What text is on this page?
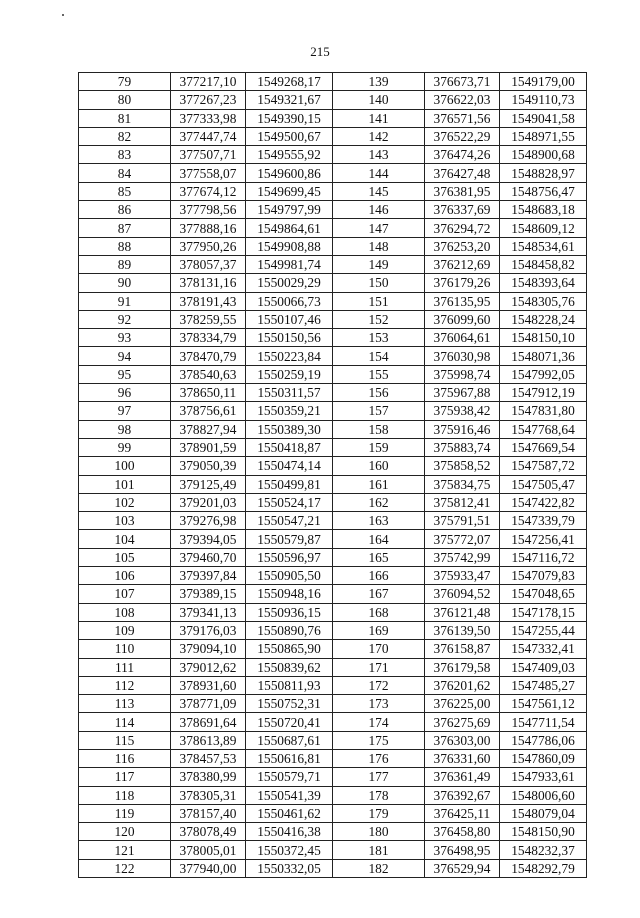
215
79	377217,10	1549268,17	139	376673,71	1549179,00
80	377267,23	1549321,67	140	376622,03	1549110,73
81	377333,98	1549390,15	141	376571,56	1549041,58
82	377447,74	1549500,67	142	376522,29	1548971,55
83	377507,71	1549555,92	143	376474,26	1548900,68
84	377558,07	1549600,86	144	376427,48	1548828,97
85	377674,12	1549699,45	145	376381,95	1548756,47
86	377798,56	1549797,99	146	376337,69	1548683,18
87	377888,16	1549864,61	147	376294,72	1548609,12
88	377950,26	1549908,88	148	376253,20	1548534,61
89	378057,37	1549981,74	149	376212,69	1548458,82
90	378131,16	1550029,29	150	376179,26	1548393,64
91	378191,43	1550066,73	151	376135,95	1548305,76
92	378259,55	1550107,46	152	376099,60	1548228,24
93	378334,79	1550150,56	153	376064,61	1548150,10
94	378470,79	1550223,84	154	376030,98	1548071,36
95	378540,63	1550259,19	155	375998,74	1547992,05
96	378650,11	1550311,57	156	375967,88	1547912,19
97	378756,61	1550359,21	157	375938,42	1547831,80
98	378827,94	1550389,30	158	375916,46	1547768,64
99	378901,59	1550418,87	159	375883,74	1547669,54
100	379050,39	1550474,14	160	375858,52	1547587,72
101	379125,49	1550499,81	161	375834,75	1547505,47
102	379201,03	1550524,17	162	375812,41	1547422,82
103	379276,98	1550547,21	163	375791,51	1547339,79
104	379394,05	1550579,87	164	375772,07	1547256,41
105	379460,70	1550596,97	165	375742,99	1547116,72
106	379397,84	1550905,50	166	375933,47	1547079,83
107	379389,15	1550948,16	167	376094,52	1547048,65
108	379341,13	1550936,15	168	376121,48	1547178,15
109	379176,03	1550890,76	169	376139,50	1547255,44
110	379094,10	1550865,90	170	376158,87	1547332,41
111	379012,62	1550839,62	171	376179,58	1547409,03
112	378931,60	1550811,93	172	376201,62	1547485,27
113	378771,09	1550752,31	173	376225,00	1547561,12
114	378691,64	1550720,41	174	376275,69	1547711,54
115	378613,89	1550687,61	175	376303,00	1547786,06
116	378457,53	1550616,81	176	376331,60	1547860,09
117	378380,99	1550579,71	177	376361,49	1547933,61
118	378305,31	1550541,39	178	376392,67	1548006,60
119	378157,40	1550461,62	179	376425,11	1548079,04
120	378078,49	1550416,38	180	376458,80	1548150,90
121	378005,01	1550372,45	181	376498,95	1548232,37
122	377940,00	1550332,05	182	376529,94	1548292,79
